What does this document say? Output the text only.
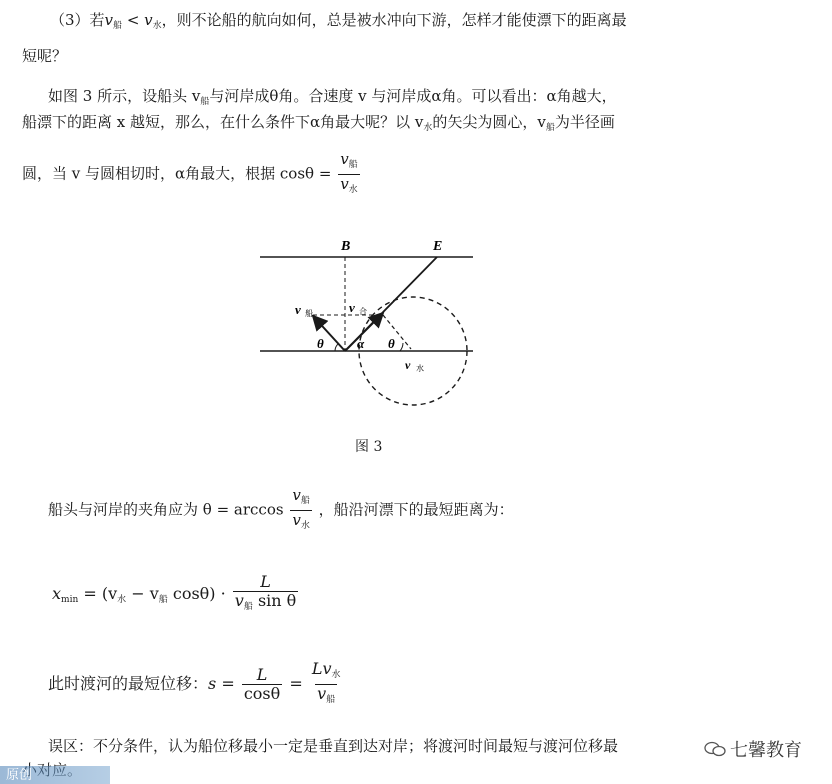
（3）若$v_船 < v_水$，则不论船的航向如何，总是被水冲向下游，怎样才能使漂下的距离最
短呢？
如图 3 所示，设船头 $v_船$与河岸成θ角。合速度 v 与河岸成α角。可以看出：α角越大，
船漂下的距离 x 越短，那么，在什么条件下α角最大呢？以 $v_水$的矢尖为圆心，$v_船$为半径画
圆，当 v 与圆相切时，α角最大，根据 $\cos\theta = \frac{v_船}{v_水}$
B	E
v 船	v 合
θ	α θ
v 水
图 3
船头与河岸的夹角应为 $\theta = \arccos \frac{v_船}{v_水}$ ，船沿河漂下的最短距离为：
$x_{min} = (v_水 - v_船$ $\cos\theta) \cdot \frac{L}{v_船 \sin \theta}$
此时渡河的最短位移：$s = \frac{L}{\cos\theta} = \frac{Lv_水}{v_船}$
误区：不分条件，认为船位移最小一定是垂直到达对岸；将渡河时间最短与渡河位移最
原创
七馨教育
